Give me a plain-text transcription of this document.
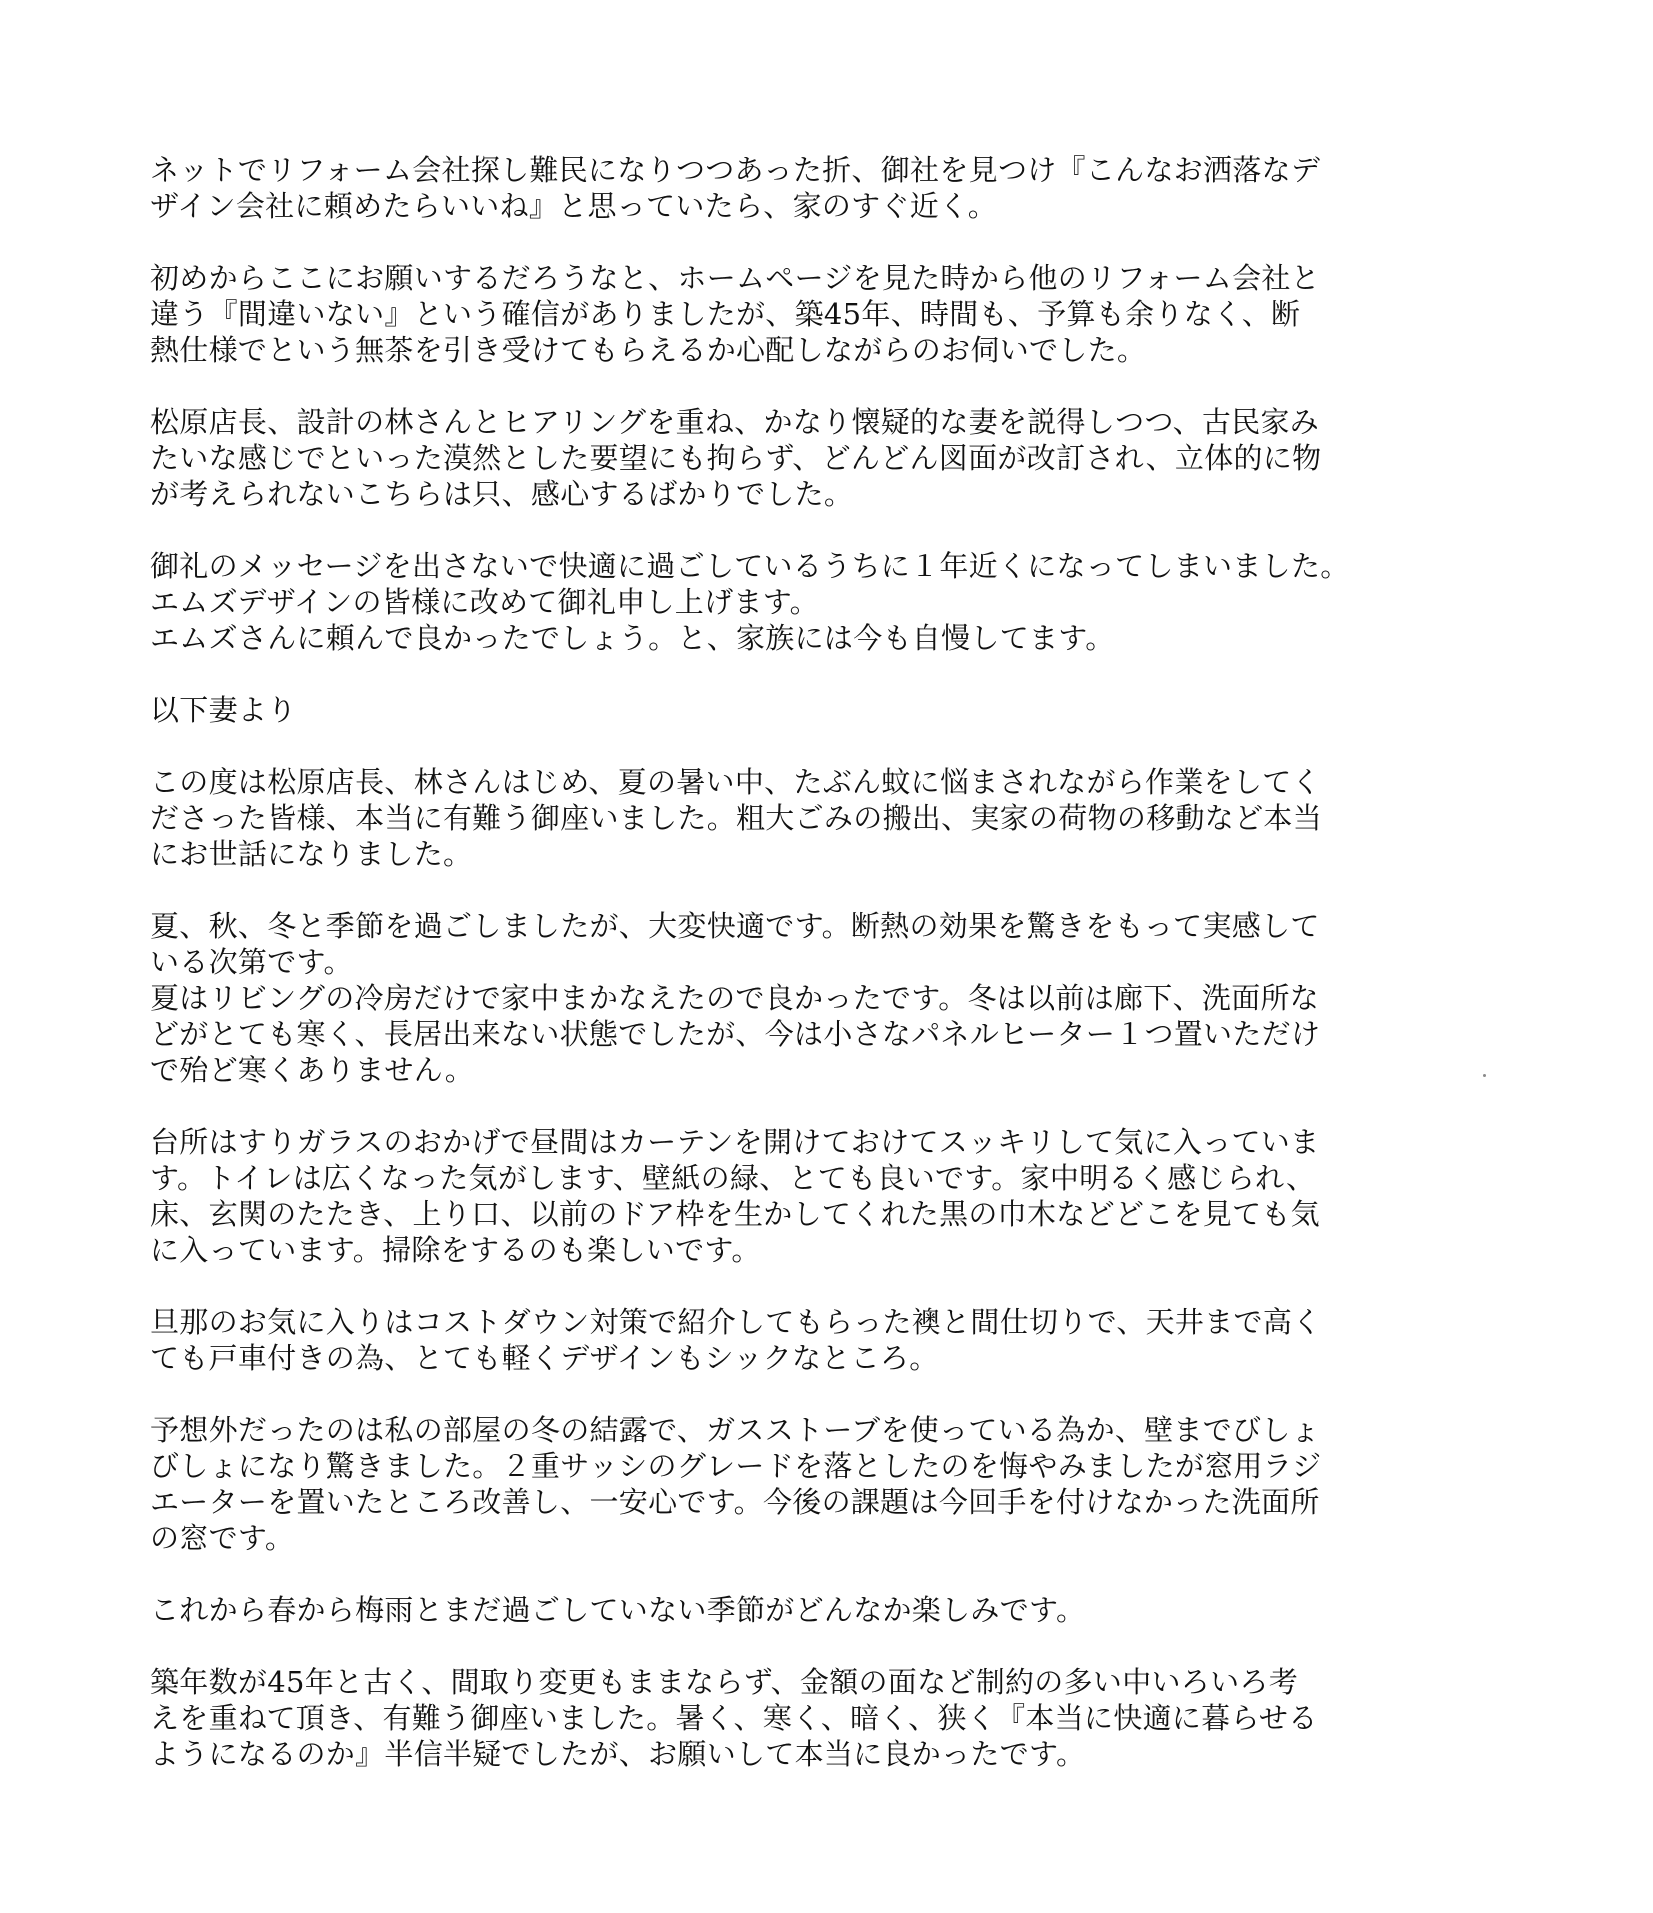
ネットでリフォーム会社探し難民になりつつあった折、御社を見つけ『こんなお洒落なデ
ザイン会社に頼めたらいいね』と思っていたら、家のすぐ近く。
初めからここにお願いするだろうなと、ホームページを見た時から他のリフォーム会社と
違う『間違いない』という確信がありましたが、築45年、時間も、予算も余りなく、断
熱仕様でという無茶を引き受けてもらえるか心配しながらのお伺いでした。
松原店長、設計の林さんとヒアリングを重ね、かなり懐疑的な妻を説得しつつ、古民家み
たいな感じでといった漠然とした要望にも拘らず、どんどん図面が改訂され、立体的に物
が考えられないこちらは只、感心するばかりでした。
御礼のメッセージを出さないで快適に過ごしているうちに１年近くになってしまいました。
エムズデザインの皆様に改めて御礼申し上げます。
エムズさんに頼んで良かったでしょう。と、家族には今も自慢してます。
以下妻より
この度は松原店長、林さんはじめ、夏の暑い中、たぶん蚊に悩まされながら作業をしてく
ださった皆様、本当に有難う御座いました。粗大ごみの搬出、実家の荷物の移動など本当
にお世話になりました。
夏、秋、冬と季節を過ごしましたが、大変快適です。断熱の効果を驚きをもって実感して
いる次第です。
夏はリビングの冷房だけで家中まかなえたので良かったです。冬は以前は廊下、洗面所な
どがとても寒く、長居出来ない状態でしたが、今は小さなパネルヒーター１つ置いただけ
で殆ど寒くありません。
台所はすりガラスのおかげで昼間はカーテンを開けておけてスッキリして気に入っていま
す。トイレは広くなった気がします、壁紙の緑、とても良いです。家中明るく感じられ、
床、玄関のたたき、上り口、以前のドア枠を生かしてくれた黒の巾木などどこを見ても気
に入っています。掃除をするのも楽しいです。
旦那のお気に入りはコストダウン対策で紹介してもらった襖と間仕切りで、天井まで高く
ても戸車付きの為、とても軽くデザインもシックなところ。
予想外だったのは私の部屋の冬の結露で、ガスストーブを使っている為か、壁までびしょ
びしょになり驚きました。２重サッシのグレードを落としたのを悔やみましたが窓用ラジ
エーターを置いたところ改善し、一安心です。今後の課題は今回手を付けなかった洗面所
の窓です。
これから春から梅雨とまだ過ごしていない季節がどんなか楽しみです。
築年数が45年と古く、間取り変更もままならず、金額の面など制約の多い中いろいろ考
えを重ねて頂き、有難う御座いました。暑く、寒く、暗く、狭く『本当に快適に暮らせる
ようになるのか』半信半疑でしたが、お願いして本当に良かったです。
